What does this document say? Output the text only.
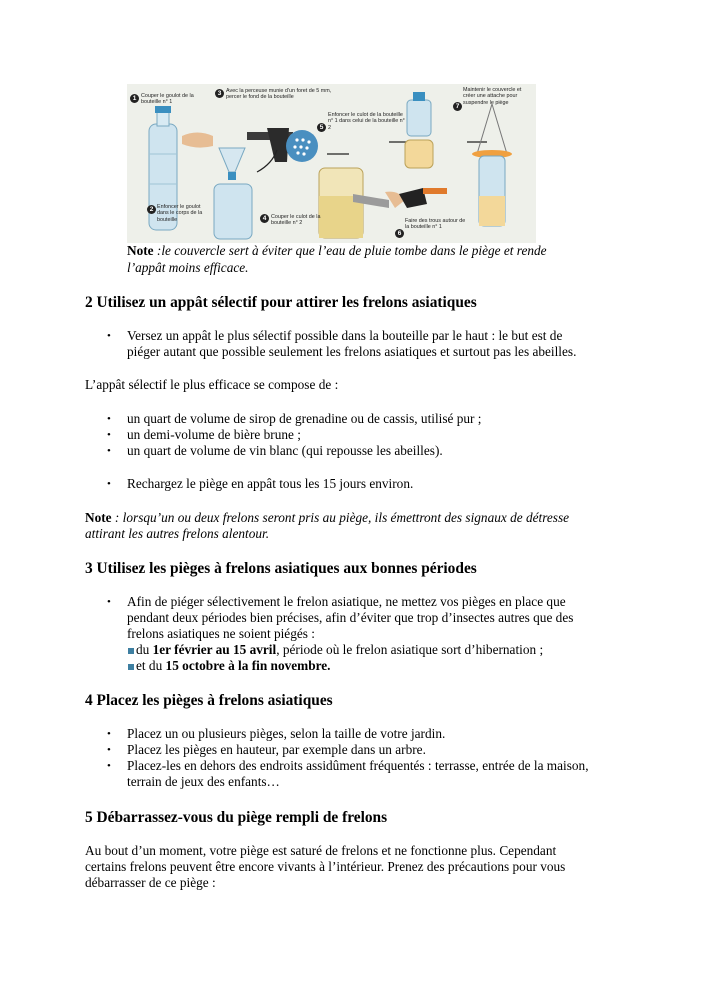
1 Couper le goulot de la bouteille n° 1
3 Avec la perceuse munie d'un foret de 5 mm, percer le fond de la bouteille
2 Enfoncer le goulot dans le corps de la bouteille
Enfoncer le culot de la bouteille n° 1 dans celui de la bouteille n° 2
5
4 Couper le culot de la bouteille n° 2	Faire des trous autour de la bouteille n° 1
6
Maintenir le couvercle et créer une attache pour suspendre le piège
7
Note :le couvercle sert à éviter que l’eau de pluie tombe dans le piège et rende
l’appât moins efficace.
2 Utilisez un appât sélectif pour attirer les frelons asiatiques
• Versez un appât le plus sélectif possible dans la bouteille par le haut : le but est de
piéger autant que possible seulement les frelons asiatiques et surtout pas les abeilles.
L’appât sélectif le plus efficace se compose de :
• un quart de volume de sirop de grenadine ou de cassis, utilisé pur ;
• un demi-volume de bière brune ;
• un quart de volume de vin blanc (qui repousse les abeilles).
• Rechargez le piège en appât tous les 15 jours environ.
Note : lorsqu’un ou deux frelons seront pris au piège, ils émettront des signaux de détresse
attirant les autres frelons alentour.
3 Utilisez les pièges à frelons asiatiques aux bonnes périodes
• Afin de piéger sélectivement le frelon asiatique, ne mettez vos pièges en place que
pendant deux périodes bien précises, afin d’éviter que trop d’insectes autres que des
frelons asiatiques ne soient piégés :
du 1er février au 15 avril, période où le frelon asiatique sort d’hibernation ;
et du 15 octobre à la fin novembre.
4 Placez les pièges à frelons asiatiques
• Placez un ou plusieurs pièges, selon la taille de votre jardin.
• Placez les pièges en hauteur, par exemple dans un arbre.
• Placez-les en dehors des endroits assidûment fréquentés : terrasse, entrée de la maison,
terrain de jeux des enfants…
5 Débarrassez-vous du piège rempli de frelons
Au bout d’un moment, votre piège est saturé de frelons et ne fonctionne plus. Cependant
certains frelons peuvent être encore vivants à l’intérieur. Prenez des précautions pour vous
débarrasser de ce piège :
